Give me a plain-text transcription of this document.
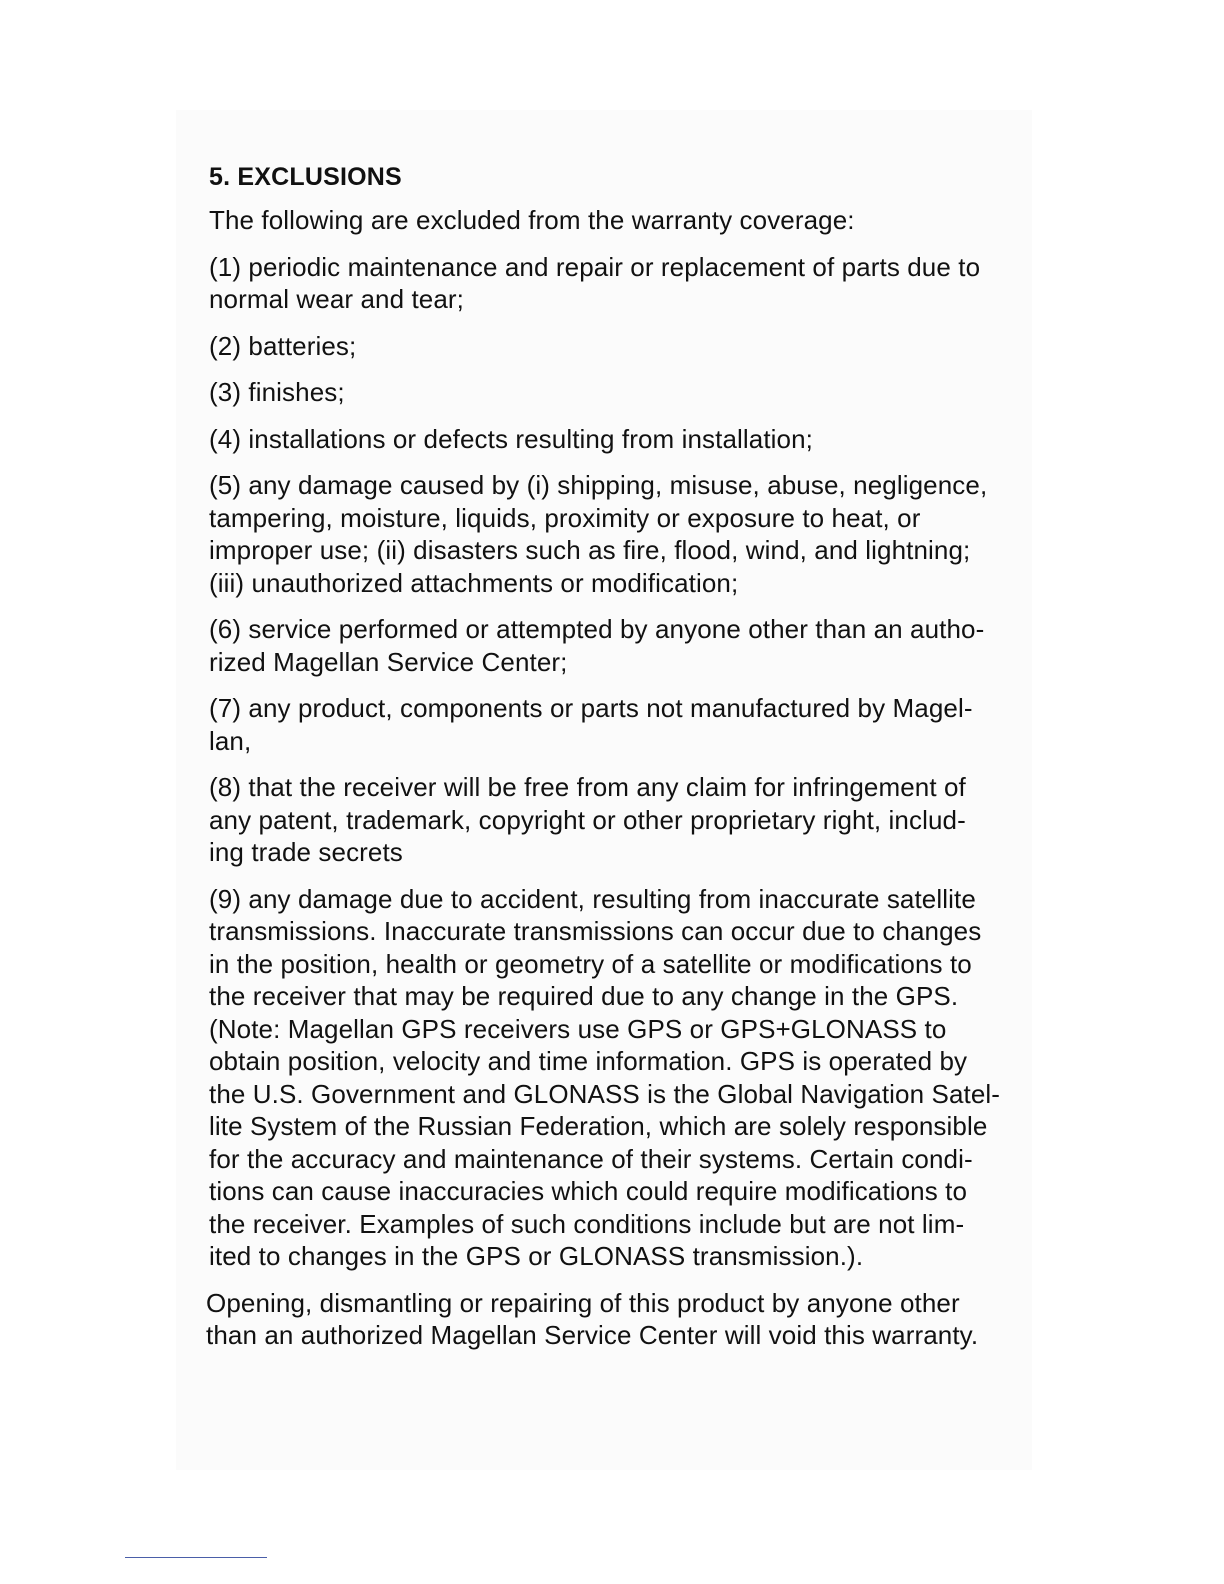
5. EXCLUSIONS
The following are excluded from the warranty coverage:
(1) periodic maintenance and repair or replacement of parts due to
normal wear and tear;
(2) batteries;
(3) finishes;
(4) installations or defects resulting from installation;
(5) any damage caused by (i) shipping, misuse, abuse, negligence,
tampering, moisture, liquids, proximity or exposure to heat, or
improper use; (ii) disasters such as fire, flood, wind, and lightning;
(iii) unauthorized attachments or modification;
(6) service performed or attempted by anyone other than an autho-
rized Magellan Service Center;
(7) any product, components or parts not manufactured by Magel-
lan,
(8) that the receiver will be free from any claim for infringement of
any patent, trademark, copyright or other proprietary right, includ-
ing trade secrets
(9) any damage due to accident, resulting from inaccurate satellite
transmissions. Inaccurate transmissions can occur due to changes
in the position, health or geometry of a satellite or modifications to
the receiver that may be required due to any change in the GPS.
(Note: Magellan GPS receivers use GPS or GPS+GLONASS to
obtain position, velocity and time information. GPS is operated by
the U.S. Government and GLONASS is the Global Navigation Satel-
lite System of the Russian Federation, which are solely responsible
for the accuracy and maintenance of their systems. Certain condi-
tions can cause inaccuracies which could require modifications to
the receiver. Examples of such conditions include but are not lim-
ited to changes in the GPS or GLONASS transmission.).
Opening, dismantling or repairing of this product by anyone other
than an authorized Magellan Service Center will void this warranty.
